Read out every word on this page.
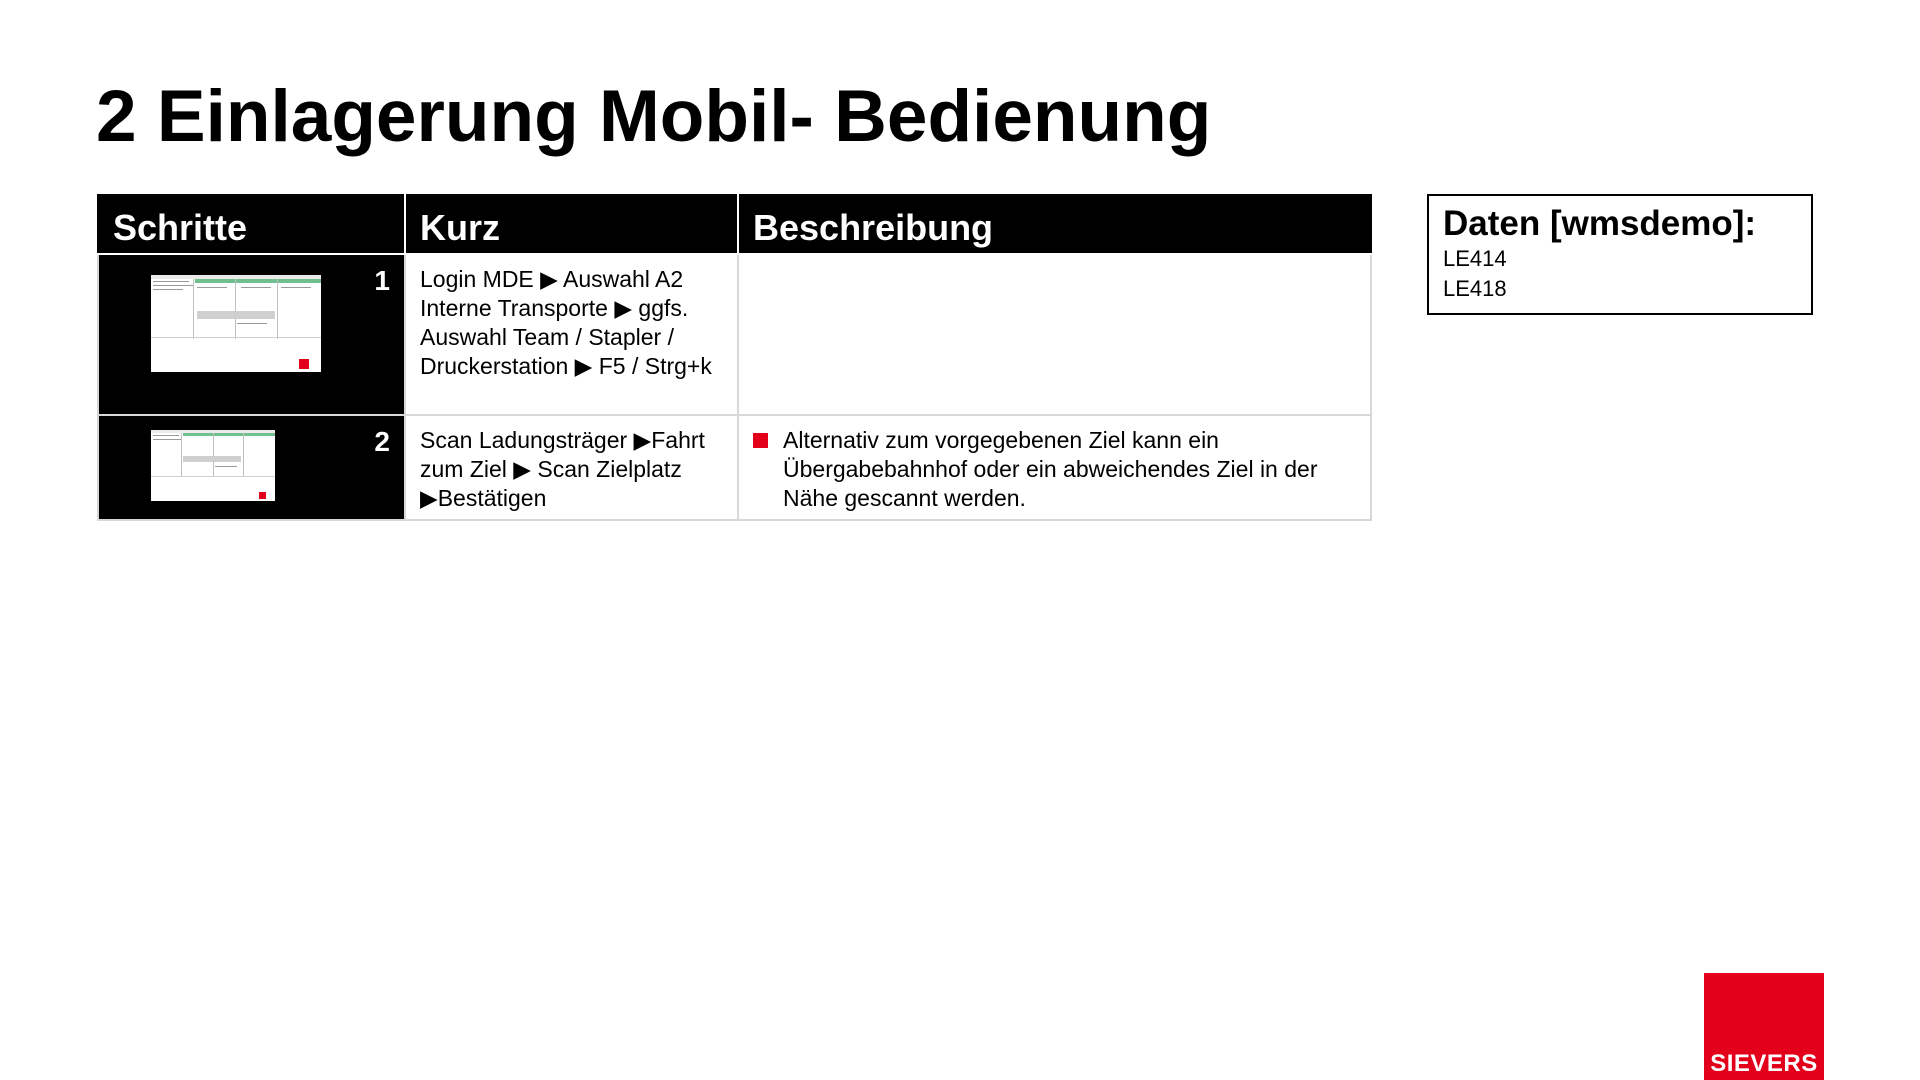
2 Einlagerung Mobil- Bedienung
Schritte	Kurz	Beschreibung

1	Login MDE ▶ Auswahl A2 Interne Transporte ▶ ggfs. Auswahl Team / Stapler / Druckerstation ▶ F5 / Strg+k	

2	Scan Ladungsträger ▶Fahrt zum Ziel ▶ Scan Zielplatz ▶Bestätigen	Alternativ zum vorgegebenen Ziel kann ein Übergabebahnhof oder ein abweichendes Ziel in der Nähe gescannt werden.
Daten [wmsdemo]:
LE414
LE418
SIEVERS
